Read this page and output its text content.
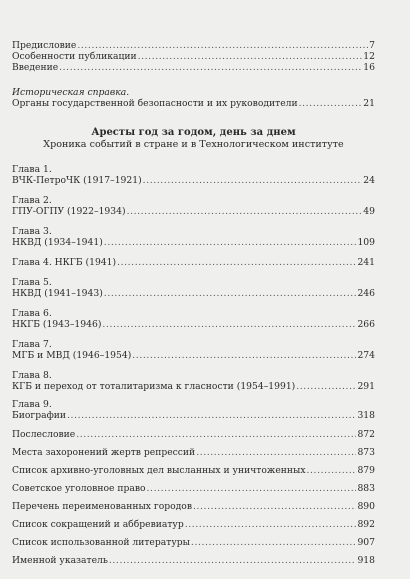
Предисловие .....	7
Особенности публикации .....	12
Введение .....	16
Историческая справка.
Органы государственной безопасности и их руководители .....	21
Аресты год за годом, день за днем
Хроника событий в стране и в Технологическом институте
Глава 1.
ВЧК-ПетроЧК (1917–1921) .....	24
Глава 2.
ГПУ-ОГПУ (1922–1934) .....	49
Глава 3.
НКВД (1934–1941) .....	109
Глава 4. НКГБ (1941) .....	241
Глава 5.
НКВД (1941–1943) .....	246
Глава 6.
НКГБ (1943–1946) .....	266
Глава 7.
МГБ и МВД (1946–1954) .....	274
Глава 8.
КГБ и переход от тоталитаризма к гласности (1954–1991) .....	291
Глава 9.
Биографии .....	318
Послесловие .....	872
Места захоронений жертв репрессий .....	873
Список архивно-уголовных дел высланных и уничтоженных .....	879
Советское уголовное право .....	883
Перечень переименованных городов .....	890
Список сокращений и аббревиатур .....	892
Список использованной литературы .....	907
Именной указатель .....	918
